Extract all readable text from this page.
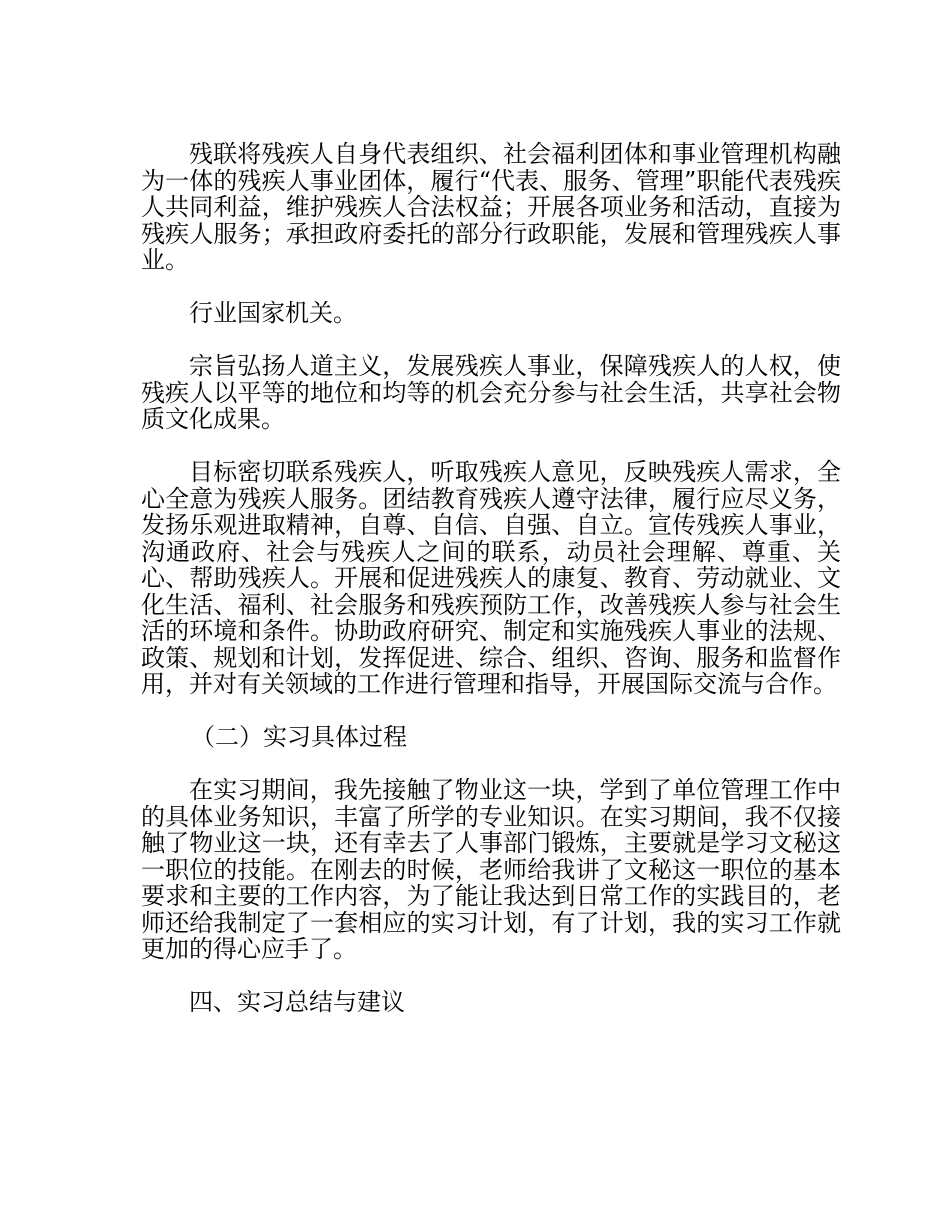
残联将残疾人自身代表组织、社会福利团体和事业管理机构融为一体的残疾人事业团体，履行“代表、服务、管理”职能代表残疾人共同利益，维护残疾人合法权益；开展各项业务和活动，直接为残疾人服务；承担政府委托的部分行政职能，发展和管理残疾人事业。

行业国家机关。

宗旨弘扬人道主义，发展残疾人事业，保障残疾人的人权，使残疾人以平等的地位和均等的机会充分参与社会生活，共享社会物质文化成果。

目标密切联系残疾人，听取残疾人意见，反映残疾人需求，全心全意为残疾人服务。团结教育残疾人遵守法律，履行应尽义务，发扬乐观进取精神，自尊、自信、自强、自立。宣传残疾人事业，沟通政府、社会与残疾人之间的联系，动员社会理解、尊重、关心、帮助残疾人。开展和促进残疾人的康复、教育、劳动就业、文化生活、福利、社会服务和残疾预防工作，改善残疾人参与社会生活的环境和条件。协助政府研究、制定和实施残疾人事业的法规、政策、规划和计划，发挥促进、综合、组织、咨询、服务和监督作用，并对有关领域的工作进行管理和指导，开展国际交流与合作。

（二）实习具体过程

在实习期间，我先接触了物业这一块，学到了单位管理工作中的具体业务知识，丰富了所学的专业知识。在实习期间，我不仅接触了物业这一块，还有幸去了人事部门锻炼，主要就是学习文秘这一职位的技能。在刚去的时候，老师给我讲了文秘这一职位的基本要求和主要的工作内容，为了能让我达到日常工作的实践目的，老师还给我制定了一套相应的实习计划，有了计划，我的实习工作就更加的得心应手了。

四、实习总结与建议
